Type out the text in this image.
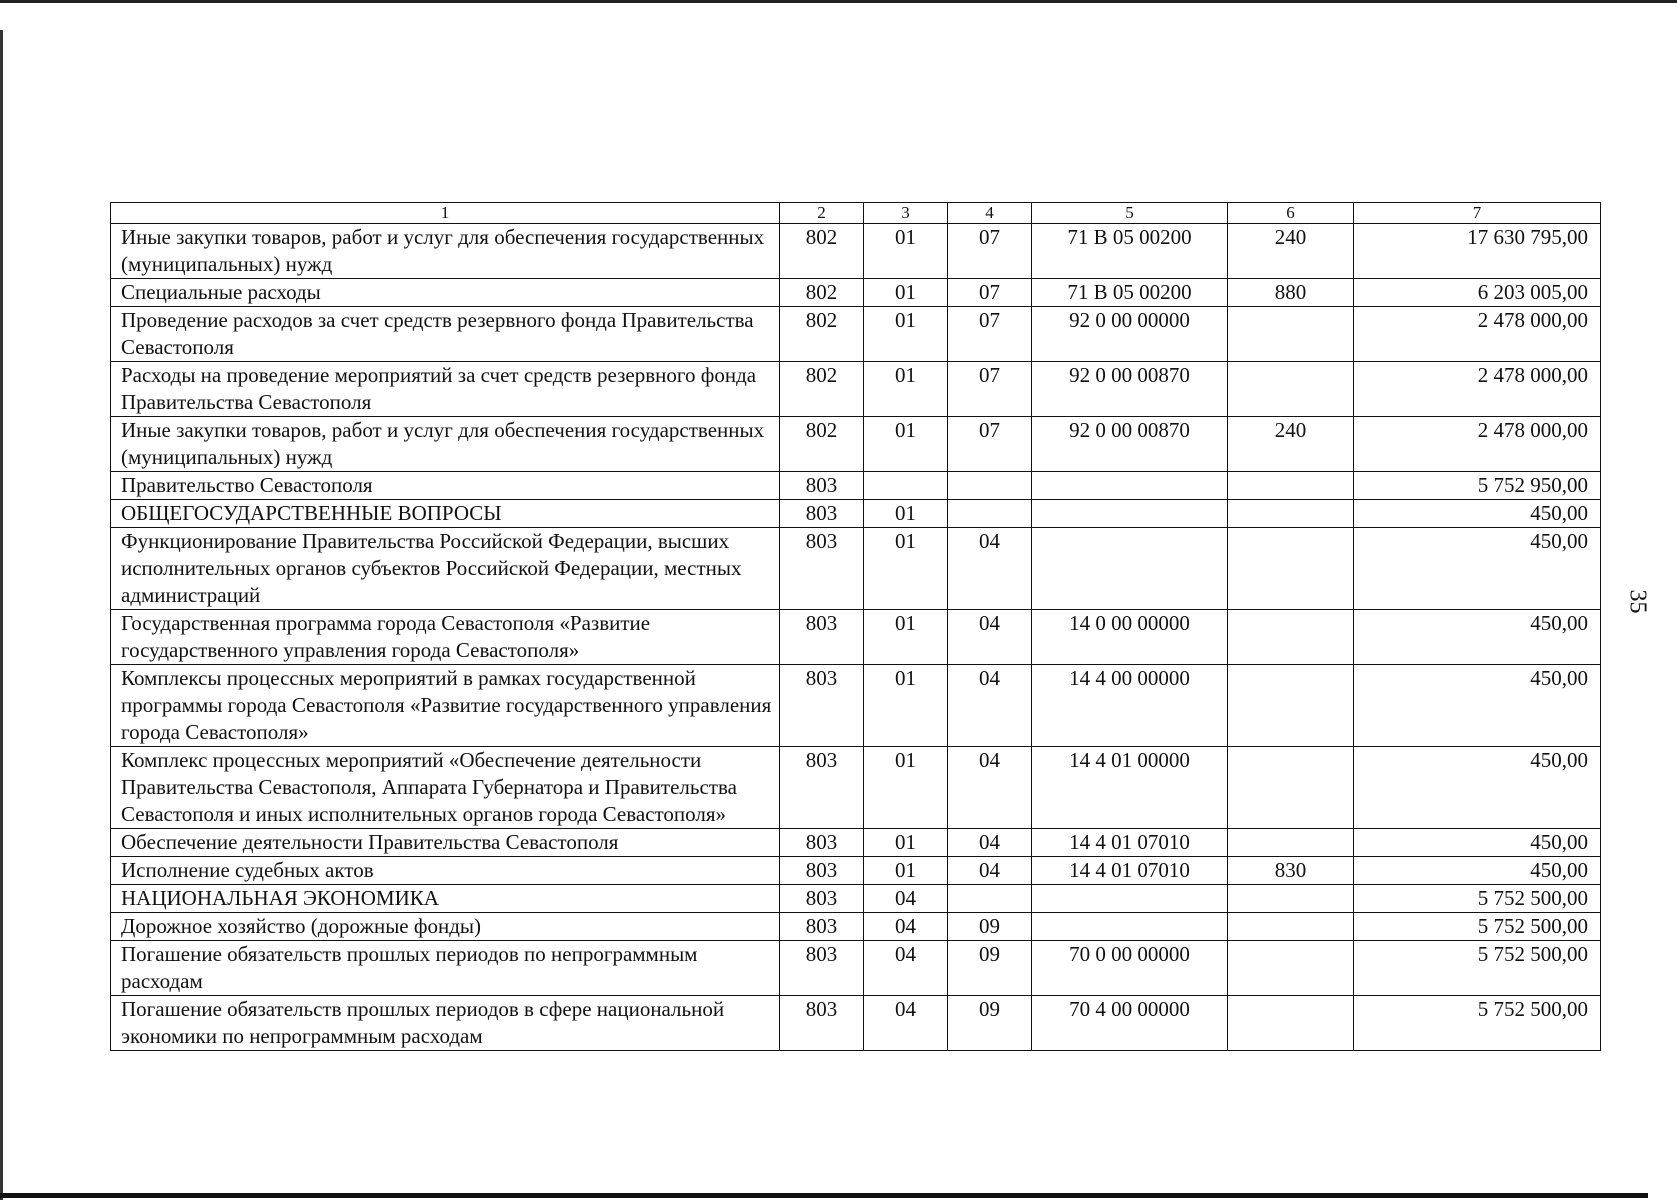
35
1	2	3	4	5	6	7
Иные закупки товаров, работ и услуг для обеспечения государственных (муниципальных) нужд	802	01	07	71 В 05 00200	240	17 630 795,00
Специальные расходы	802	01	07	71 В 05 00200	880	6 203 005,00
Проведение расходов за счет средств резервного фонда Правительства Севастополя	802	01	07	92 0 00 00000		2 478 000,00
Расходы на проведение мероприятий за счет средств резервного фонда Правительства Севастополя	802	01	07	92 0 00 00870		2 478 000,00
Иные закупки товаров, работ и услуг для обеспечения государственных (муниципальных) нужд	802	01	07	92 0 00 00870	240	2 478 000,00
Правительство Севастополя	803					5 752 950,00
ОБЩЕГОСУДАРСТВЕННЫЕ ВОПРОСЫ	803	01				450,00
Функционирование Правительства Российской Федерации, высших исполнительных органов субъектов Российской Федерации, местных администраций	803	01	04			450,00
Государственная программа города Севастополя «Развитие государственного управления города Севастополя»	803	01	04	14 0 00 00000		450,00
Комплексы процессных мероприятий в рамках государственной программы города Севастополя «Развитие государственного управления города Севастополя»	803	01	04	14 4 00 00000		450,00
Комплекс процессных мероприятий «Обеспечение деятельности Правительства Севастополя, Аппарата Губернатора и Правительства Севастополя и иных исполнительных органов города Севастополя»	803	01	04	14 4 01 00000		450,00
Обеспечение деятельности Правительства Севастополя	803	01	04	14 4 01 07010		450,00
Исполнение судебных актов	803	01	04	14 4 01 07010	830	450,00
НАЦИОНАЛЬНАЯ ЭКОНОМИКА	803	04				5 752 500,00
Дорожное хозяйство (дорожные фонды)	803	04	09			5 752 500,00
Погашение обязательств прошлых периодов по непрограммным расходам	803	04	09	70 0 00 00000		5 752 500,00
Погашение обязательств прошлых периодов в сфере национальной экономики по непрограммным расходам	803	04	09	70 4 00 00000		5 752 500,00
